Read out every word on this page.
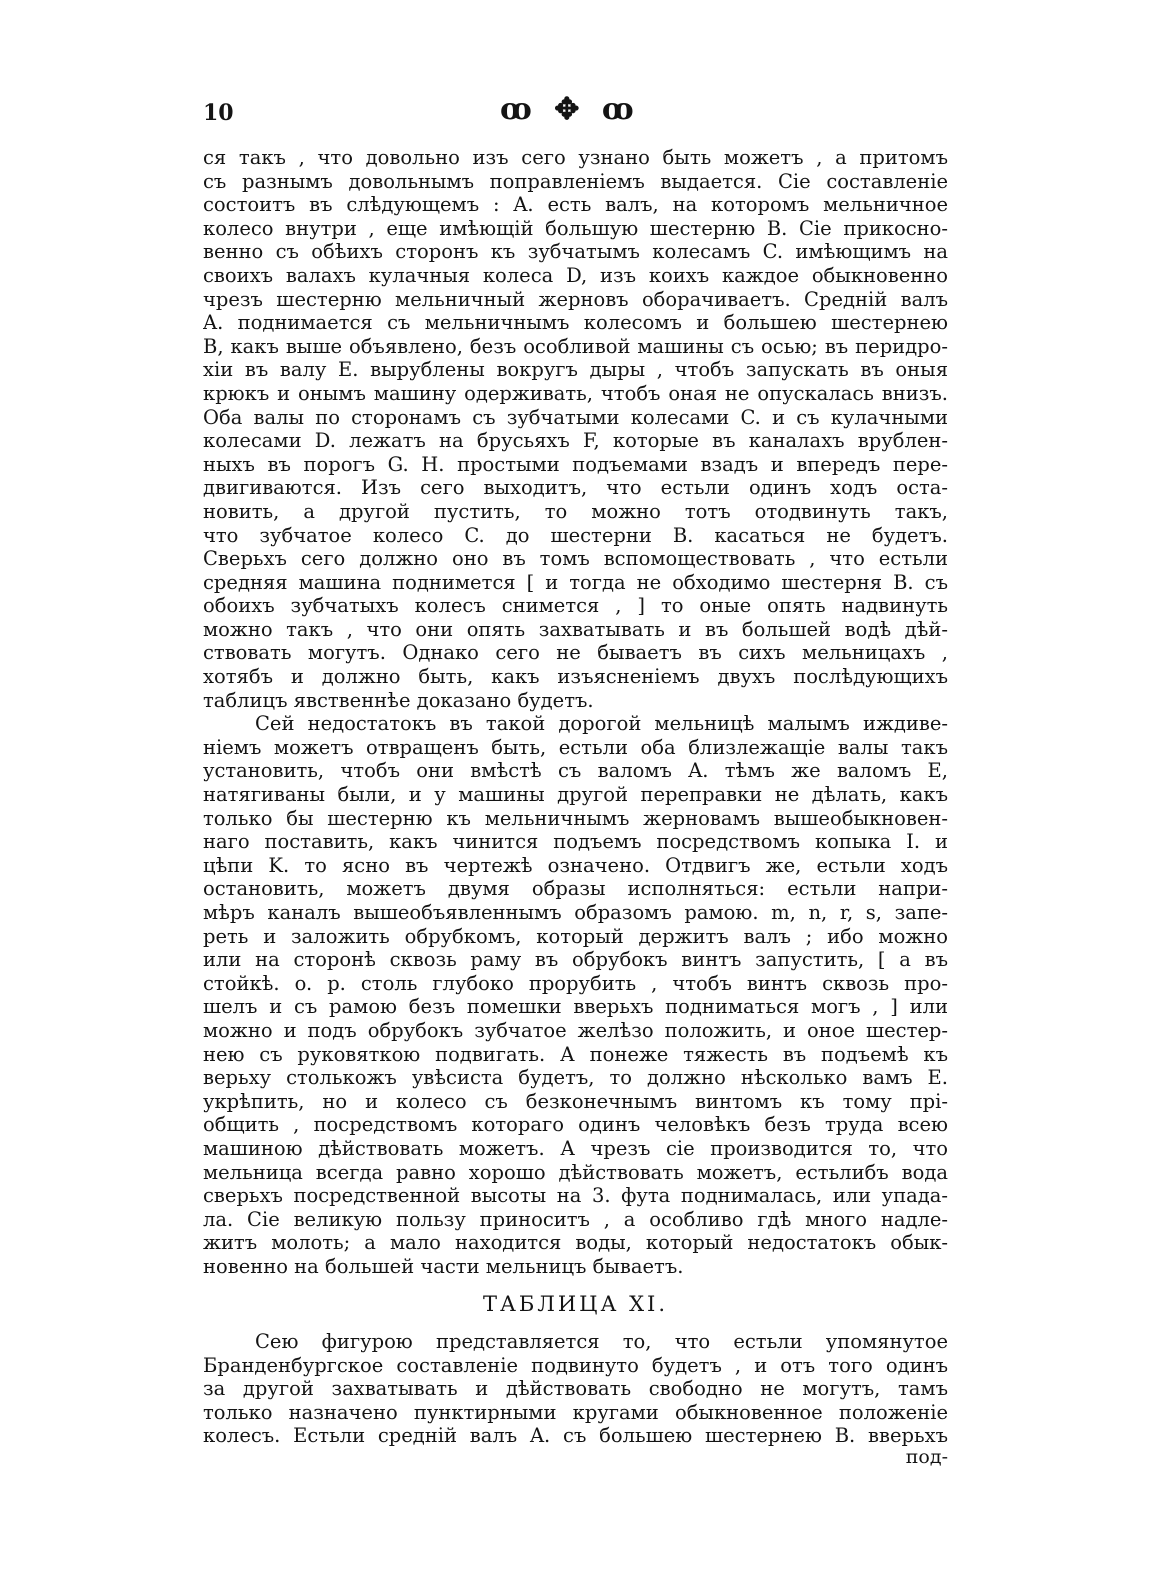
10	ꝏ ✥ ꝏ

ся такъ , что довольно изъ сего узнано быть можетъ , а притомъ
съ разнымъ довольнымъ поправленіемъ выдается. Сіе составленіе
состоитъ въ слѣдующемъ : A. есть валъ, на которомъ мельничное
колесо внутри , еще имѣющій большую шестерню B. Сіе прикосно-
венно съ обѣихъ сторонъ къ зубчатымъ колесамъ C. имѣющимъ на
своихъ валахъ кулачныя колеса D, изъ коихъ каждое обыкновенно
чрезъ шестерню мельничный жерновъ оборачиваетъ. Средній валъ
A. поднимается съ мельничнымъ колесомъ и большею шестернею
B, какъ выше объявлено, безъ особливой машины съ осью; въ перидро-
хіи въ валу E. вырублены вокругъ дыры , чтобъ запускать въ оныя
крюкъ и онымъ машину одерживать, чтобъ оная не опускалась внизъ.
Оба валы по сторонамъ съ зубчатыми колесами C. и съ кулачными
колесами D. лежатъ на брусьяхъ F, которые въ каналахъ врублен-
ныхъ въ порогъ G. H. простыми подъемами взадъ и впередъ пере-
двигиваются. Изъ сего выходитъ, что естьли одинъ ходъ оста-
новить, а другой пустить, то можно тотъ отодвинуть такъ,
что зубчатое колесо C. до шестерни B. касаться не будетъ.
Сверьхъ сего должно оно въ томъ вспомоществовать , что естьли
средняя машина поднимется [ и тогда не обходимо шестерня B. съ
обоихъ зубчатыхъ колесъ снимется , ] то оные опять надвинуть
можно такъ , что они опять захватывать и въ большей водѣ дѣй-
ствовать могутъ. Однако сего не бываетъ въ сихъ мельницахъ ,
хотябъ и должно быть, какъ изъясненіемъ двухъ послѣдующихъ
таблицъ явственнѣе доказано будетъ.

Сей недостатокъ въ такой дорогой мельницѣ малымъ иждиве-
ніемъ можетъ отвращенъ быть, естьли оба близлежащіе валы такъ
установить, чтобъ они вмѣстѣ съ валомъ A. тѣмъ же валомъ E,
натягиваны были, и у машины другой переправки не дѣлать, какъ
только бы шестерню къ мельничнымъ жерновамъ вышеобыкновен-
наго поставить, какъ чинится подъемъ посредствомъ копыка I. и
цѣпи K. то ясно въ чертежѣ означено. Отдвигъ же, естьли ходъ
остановить, можетъ двумя образы исполняться: естьли напри-
мѣръ каналъ вышеобъявленнымъ образомъ рамою. m, n, r, s, запе-
реть и заложить обрубкомъ, который держитъ валъ ; ибо можно
или на сторонѣ сквозь раму въ обрубокъ винтъ запустить, [ а въ
стойкѣ. o. p. столь глубоко прорубить , чтобъ винтъ сквозь про-
шелъ и съ рамою безъ помешки вверьхъ подниматься могъ , ] или
можно и подъ обрубокъ зубчатое желѣзо положить, и оное шестер-
нею съ руковяткою подвигать. А понеже тяжесть въ подъемѣ къ
верьху столькожъ увѣсиста будетъ, то должно нѣсколько вамъ E.
укрѣпить, но и колесо съ безконечнымъ винтомъ къ тому прі-
общить , посредствомъ котораго одинъ человѣкъ безъ труда всею
машиною дѣйствовать можетъ. А чрезъ сіе производится то, что
мельница всегда равно хорошо дѣйствовать можетъ, естьлибъ вода
сверьхъ посредственной высоты на 3. фута поднималась, или упада-
ла. Сіе великую пользу приноситъ , а особливо гдѣ много надле-
житъ молоть; а мало находится воды, который недостатокъ обык-
новенно на большей части мельницъ бываетъ.

ТАБЛИЦА XI.

Сею фигурою представляется то, что естьли упомянутое
Бранденбургское составленіе подвинуто будетъ , и отъ того одинъ
за другой захватывать и дѣйствовать свободно не могутъ, тамъ
только назначено пунктирными кругами обыкновенное положеніе
колесъ. Естьли средній валъ A. съ большею шестернею B. вверьхъ

под-
